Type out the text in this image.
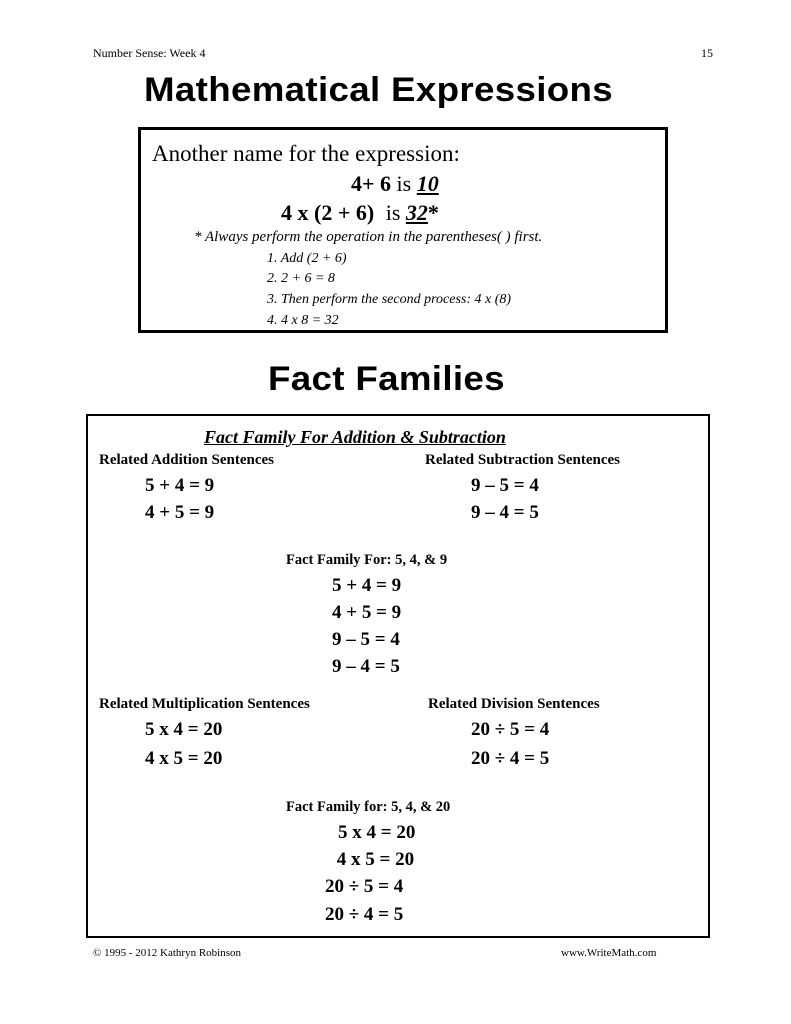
Number Sense: Week 4	15
Mathematical Expressions
Another name for the expression:
4+ 6 is 10
4 x (2 + 6) is 32*
* Always perform the operation in the parentheses( ) first.
1. Add (2 + 6)
2. 2 + 6 = 8
3. Then perform the second process: 4 x (8)
4. 4 x 8 = 32
Fact Families
Fact Family For Addition & Subtraction
Related Addition Sentences
5 + 4 = 9
4 + 5 = 9
Related Subtraction Sentences
9 – 5 = 4
9 – 4 = 5
Fact Family For: 5, 4, & 9
5 + 4 = 9
4 + 5 = 9
9 – 5 = 4
9 – 4 = 5
Related Multiplication Sentences
5 x 4 = 20
4 x 5 = 20
Related Division Sentences
20 ÷ 5 = 4
20 ÷ 4 = 5
Fact Family for: 5, 4, & 20
5 x 4 = 20
4 x 5 = 20
20 ÷ 5 = 4
20 ÷ 4 = 5
© 1995 - 2012 Kathryn Robinson	www.WriteMath.com
